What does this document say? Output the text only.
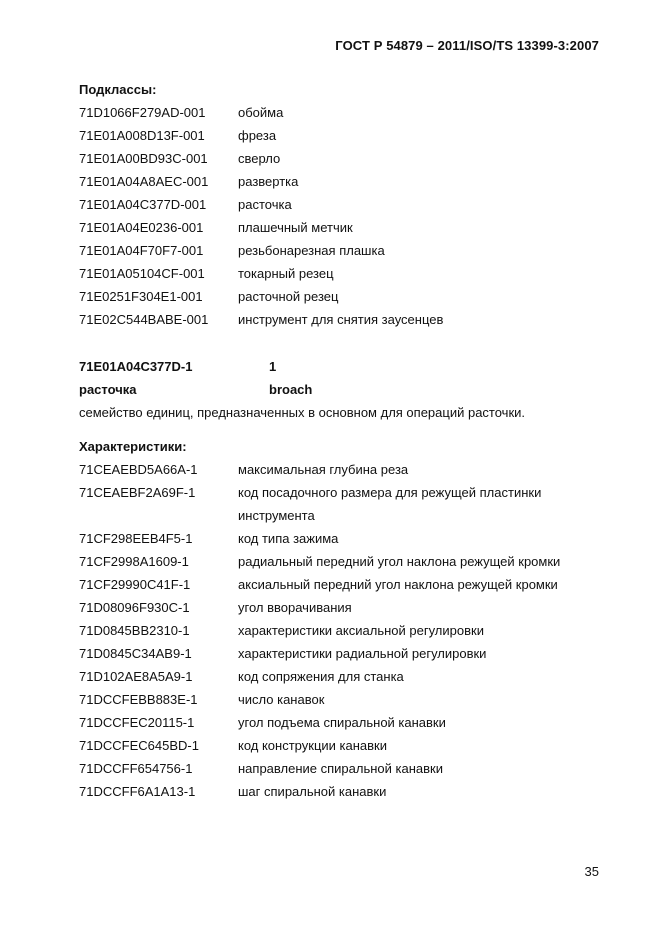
ГОСТ Р 54879 – 2011/ISO/TS 13399-3:2007
Подклассы:
71D1066F279AD-001	обойма
71E01A008D13F-001	фреза
71E01A00BD93C-001	сверло
71E01A04A8AEC-001	развертка
71E01A04C377D-001	расточка
71E01A04E0236-001	плашечный метчик
71E01A04F70F7-001	резьбонарезная плашка
71E01A05104CF-001	токарный резец
71E0251F304E1-001	расточной резец
71E02C544BABE-001	инструмент для снятия заусенцев
71E01A04C377D-1	1
расточка	broach
семейство единиц, предназначенных в основном для операций расточки.
Характеристики:
71CEAEBD5A66A-1	максимальная глубина реза
71CEAEBF2A69F-1	код посадочного размера для режущей пластинки инструмента
71CF298EEB4F5-1	код типа зажима
71CF2998A1609-1	радиальный передний угол наклона режущей кромки
71CF29990C41F-1	аксиальный передний угол наклона режущей кромки
71D08096F930C-1	угол вворачивания
71D0845BB2310-1	характеристики аксиальной регулировки
71D0845C34AB9-1	характеристики радиальной регулировки
71D102AE8A5A9-1	код сопряжения для станка
71DCCFEBB883E-1	число канавок
71DCCFEC20115-1	угол подъема спиральной канавки
71DCCFEC645BD-1	код конструкции канавки
71DCCFF654756-1	направление спиральной канавки
71DCCFF6A1A13-1	шаг спиральной канавки
35
